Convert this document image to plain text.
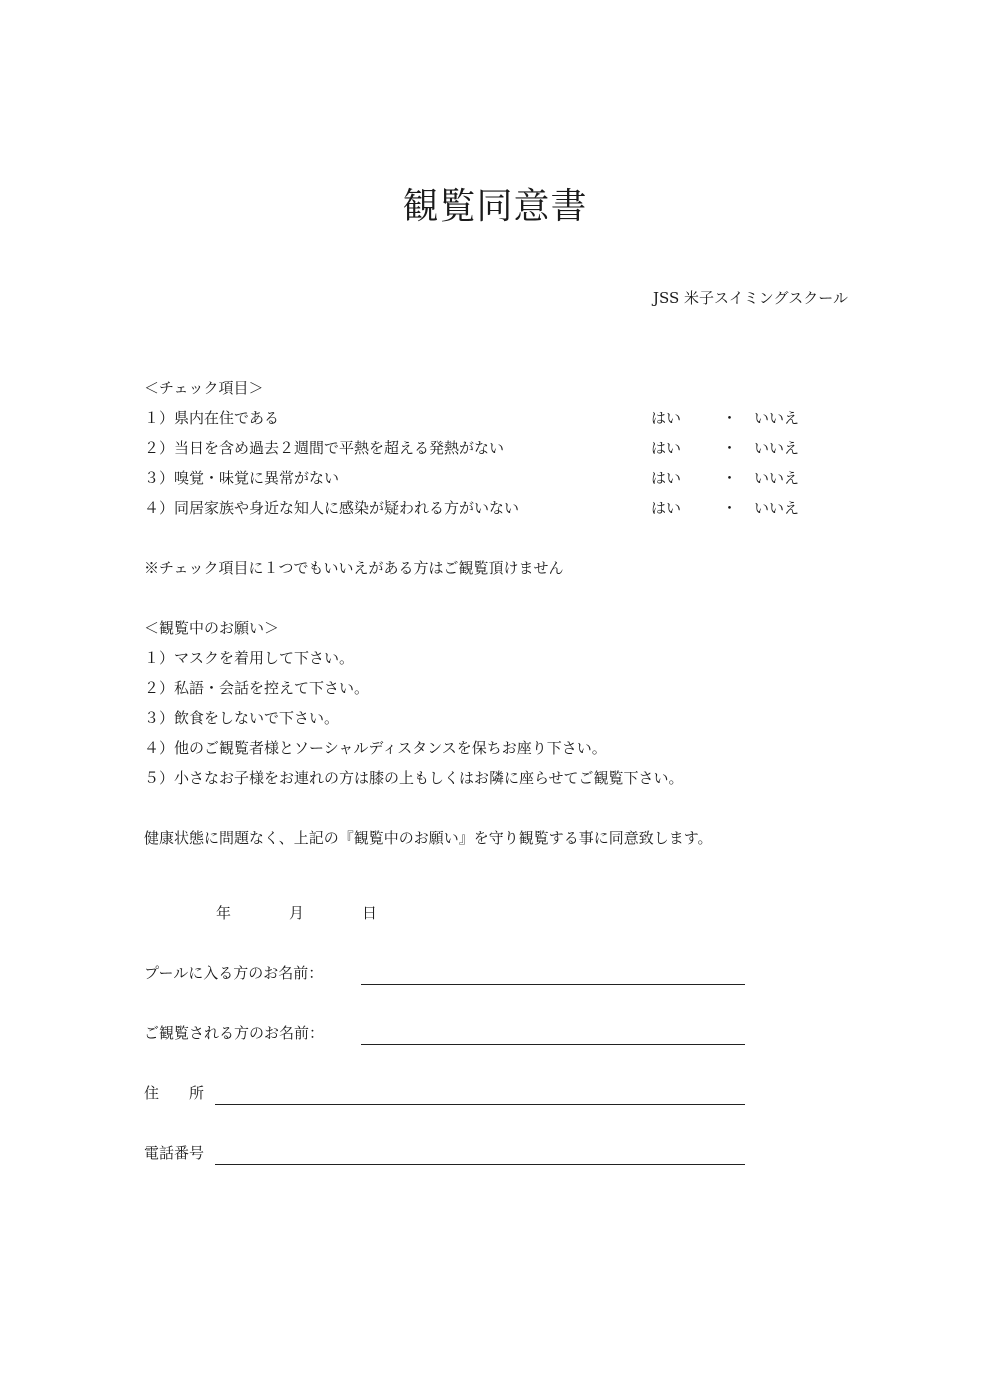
観覧同意書
JSS 米子スイミングスクール
＜チェック項目＞
１）県内在住である	はい	・ いいえ
２）当日を含め過去２週間で平熱を超える発熱がない	はい	・ いいえ
３）嗅覚・味覚に異常がない	はい	・ いいえ
４）同居家族や身近な知人に感染が疑われる方がいない	はい	・ いいえ
※チェック項目に１つでもいいえがある方はご観覧頂けません
＜観覧中のお願い＞
１）マスクを着用して下さい。
２）私語・会話を控えて下さい。
３）飲食をしないで下さい。
４）他のご観覧者様とソーシャルディスタンスを保ちお座り下さい。
５）小さなお子様をお連れの方は膝の上もしくはお隣に座らせてご観覧下さい。
健康状態に問題なく、上記の『観覧中のお願い』を守り観覧する事に同意致します。
年	月	日
プールに入る方のお名前：
ご観覧される方のお名前：
住　　所
電話番号
